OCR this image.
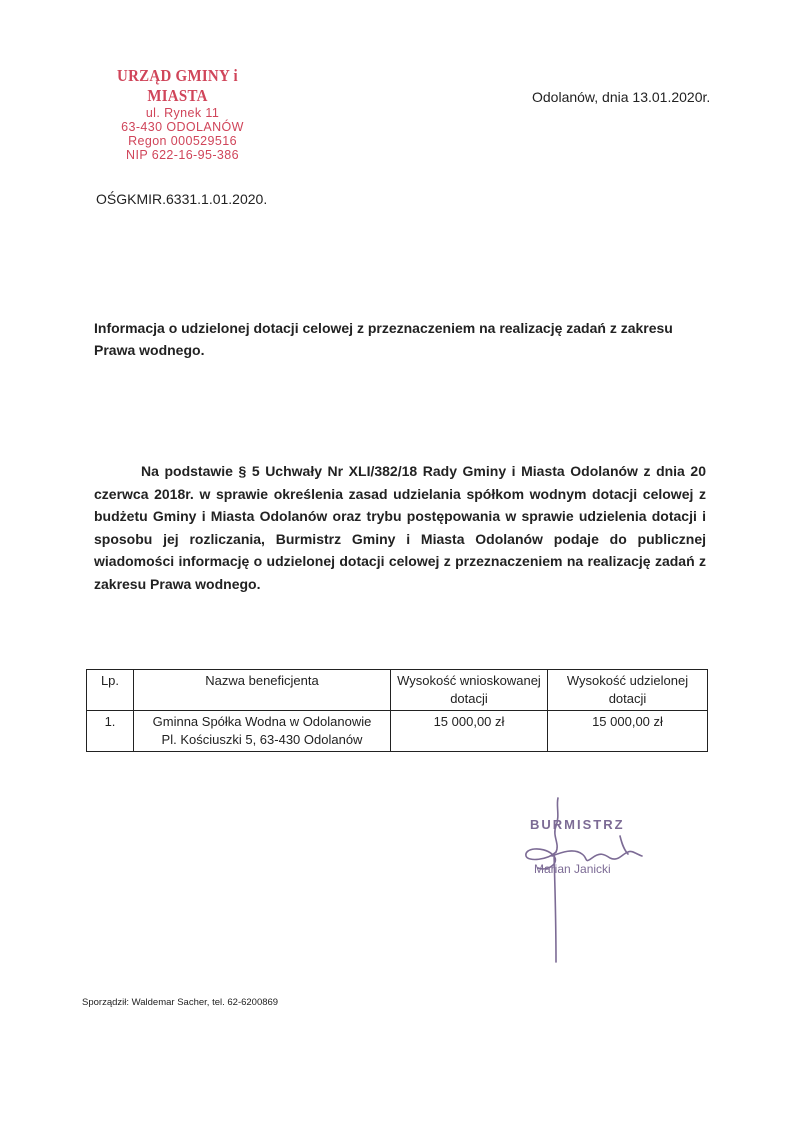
URZĄD GMINY i MIASTA
ul. Rynek 11
63-430 ODOLANÓW
Regon 000529516
NIP 622-16-95-386
Odolanów, dnia 13.01.2020r.
OŚGKMIR.6331.1.01.2020.
Informacja o udzielonej dotacji celowej z przeznaczeniem na realizację zadań z zakresu Prawa wodnego.
Na podstawie § 5 Uchwały Nr XLI/382/18 Rady Gminy i Miasta Odolanów z dnia 20 czerwca 2018r. w sprawie określenia zasad udzielania spółkom wodnym dotacji celowej z budżetu Gminy i Miasta Odolanów oraz trybu postępowania w sprawie udzielenia dotacji i sposobu jej rozliczania, Burmistrz Gminy i Miasta Odolanów podaje do publicznej wiadomości informację o udzielonej dotacji celowej z przeznaczeniem na realizację zadań z zakresu Prawa wodnego.
Lp.	Nazwa beneficjenta	Wysokość wnioskowanej dotacji	Wysokość udzielonej dotacji
1.	Gminna Spółka Wodna w Odolanowie
Pl. Kościuszki 5, 63-430 Odolanów	15 000,00 zł	15 000,00 zł
BURMISTRZ
Marian Janicki
Sporządził: Waldemar Sacher, tel. 62-6200869
